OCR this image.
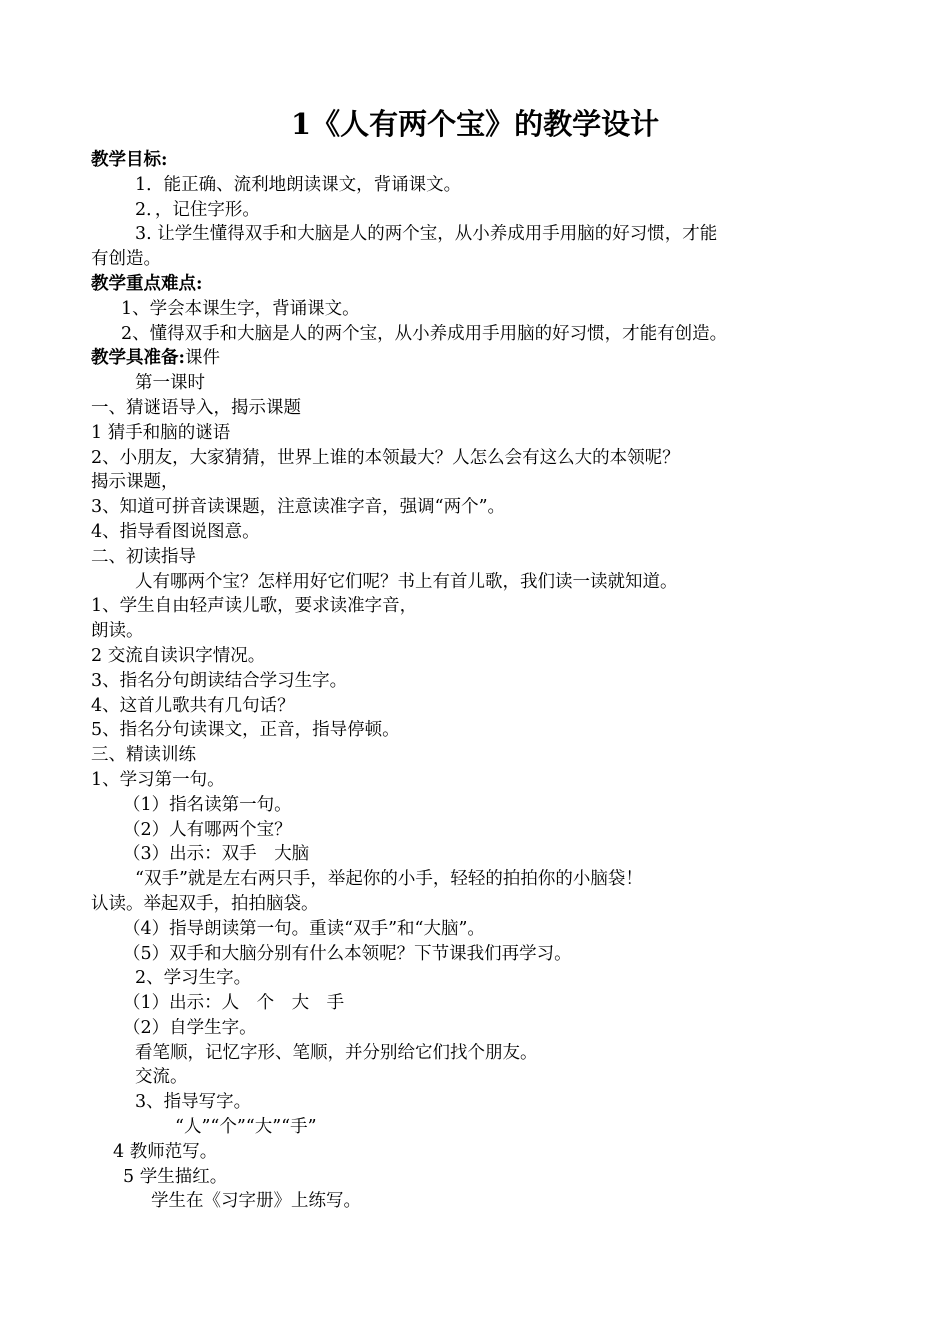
1《人有两个宝》的教学设计
教学目标:
1．能正确、流利地朗读课文，背诵课文。
2．，记住字形。
3. 让学生懂得双手和大脑是人的两个宝，从小养成用手用脑的好习惯，才能
有创造。
教学重点难点:
1、学会本课生字，背诵课文。
2、懂得双手和大脑是人的两个宝，从小养成用手用脑的好习惯，才能有创造。
教学具准备:课件
第一课时
一、猜谜语导入，揭示课题
1 猜手和脑的谜语
2、小朋友，大家猜猜，世界上谁的本领最大？人怎么会有这么大的本领呢？
揭示课题，
3、知道可拼音读课题，注意读准字音，强调“两个”。
4、指导看图说图意。
二、初读指导
人有哪两个宝？怎样用好它们呢？书上有首儿歌，我们读一读就知道。
1、学生自由轻声读儿歌，要求读准字音，
朗读。
2 交流自读识字情况。
3、指名分句朗读结合学习生字。
4、这首儿歌共有几句话？
5、指名分句读课文，正音，指导停顿。
三、精读训练
1、学习第一句。
（1）指名读第一句。
（2）人有哪两个宝？
（3）出示：双手　大脑
“双手”就是左右两只手，举起你的小手，轻轻的拍拍你的小脑袋！
认读。举起双手，拍拍脑袋。
（4）指导朗读第一句。重读“双手”和“大脑”。
（5）双手和大脑分别有什么本领呢？下节课我们再学习。
2、学习生字。
（1）出示：人　个　大　手
（2）自学生字。
看笔顺，记忆字形、笔顺，并分别给它们找个朋友。
交流。
3、指导写字。
“人”“个”“大”“手”
4 教师范写。
5 学生描红。
学生在《习字册》上练写。
